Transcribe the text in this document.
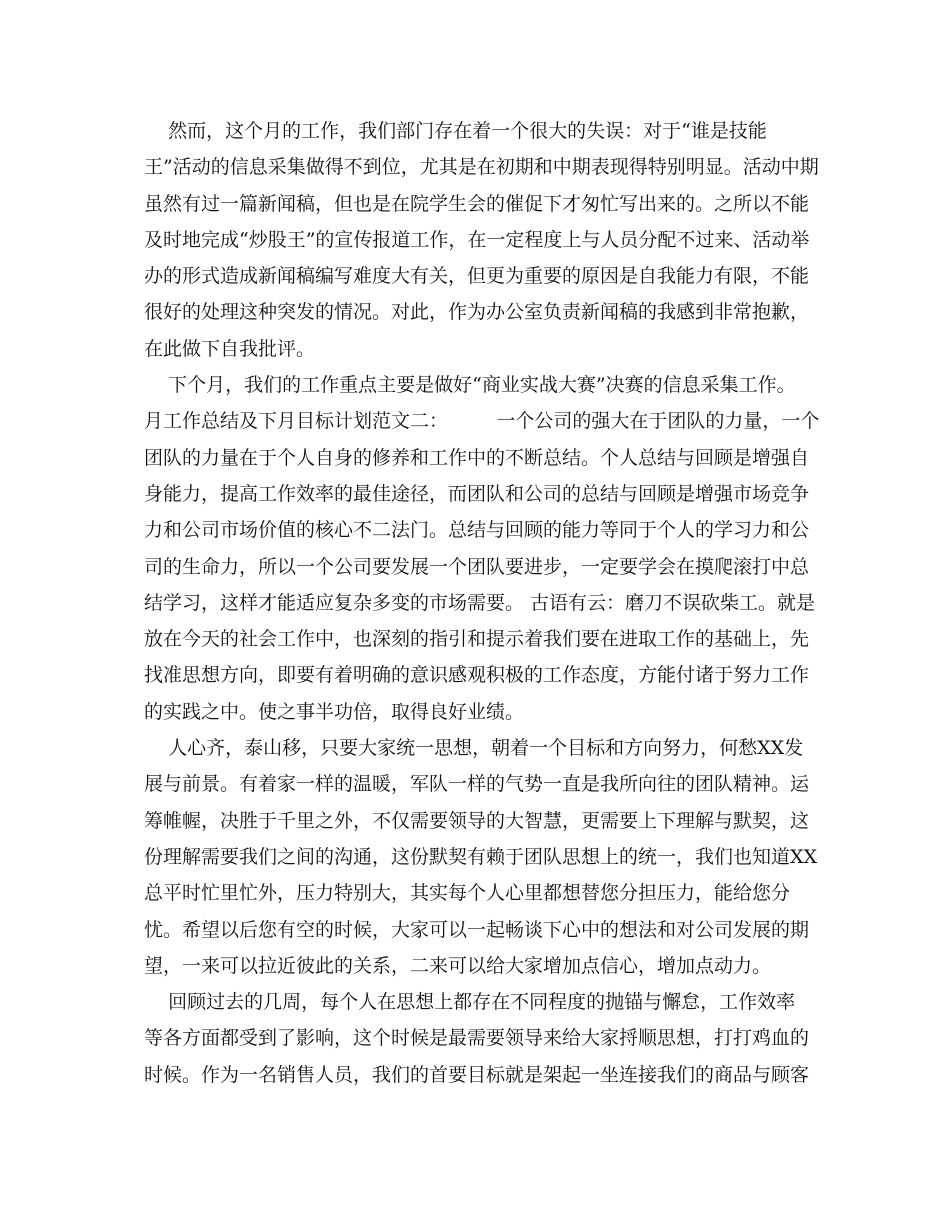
然而，这个月的工作，我们部门存在着一个很大的失误：对于“谁是技能
王”活动的信息采集做得不到位，尤其是在初期和中期表现得特别明显。活动中期
虽然有过一篇新闻稿，但也是在院学生会的催促下才匆忙写出来的。之所以不能
及时地完成“炒股王”的宣传报道工作，在一定程度上与人员分配不过来、活动举
办的形式造成新闻稿编写难度大有关，但更为重要的原因是自我能力有限，不能
很好的处理这种突发的情况。对此，作为办公室负责新闻稿的我感到非常抱歉，
在此做下自我批评。
下个月，我们的工作重点主要是做好“商业实战大赛”决赛的信息采集工作。
月工作总结及下月目标计划范文二：        一个公司的强大在于团队的力量，一个
团队的力量在于个人自身的修养和工作中的不断总结。个人总结与回顾是增强自
身能力，提高工作效率的最佳途径，而团队和公司的总结与回顾是增强市场竞争
力和公司市场价值的核心不二法门。总结与回顾的能力等同于个人的学习力和公
司的生命力，所以一个公司要发展一个团队要进步，一定要学会在摸爬滚打中总
结学习，这样才能适应复杂多变的市场需要。 古语有云：磨刀不误砍柴工。就是
放在今天的社会工作中，也深刻的指引和提示着我们要在进取工作的基础上，先
找准思想方向，即要有着明确的意识感观积极的工作态度，方能付诸于努力工作
的实践之中。使之事半功倍，取得良好业绩。
人心齐，泰山移，只要大家统一思想，朝着一个目标和方向努力，何愁XX发
展与前景。有着家一样的温暖，军队一样的气势一直是我所向往的团队精神。运
筹帷幄，决胜于千里之外，不仅需要领导的大智慧，更需要上下理解与默契，这
份理解需要我们之间的沟通，这份默契有赖于团队思想上的统一，我们也知道XX
总平时忙里忙外，压力特别大，其实每个人心里都想替您分担压力，能给您分
忧。希望以后您有空的时候，大家可以一起畅谈下心中的想法和对公司发展的期
望，一来可以拉近彼此的关系，二来可以给大家增加点信心，增加点动力。
回顾过去的几周，每个人在思想上都存在不同程度的抛锚与懈怠，工作效率
等各方面都受到了影响，这个时候是最需要领导来给大家捋顺思想，打打鸡血的
时候。作为一名销售人员，我们的首要目标就是架起一坐连接我们的商品与顾客
